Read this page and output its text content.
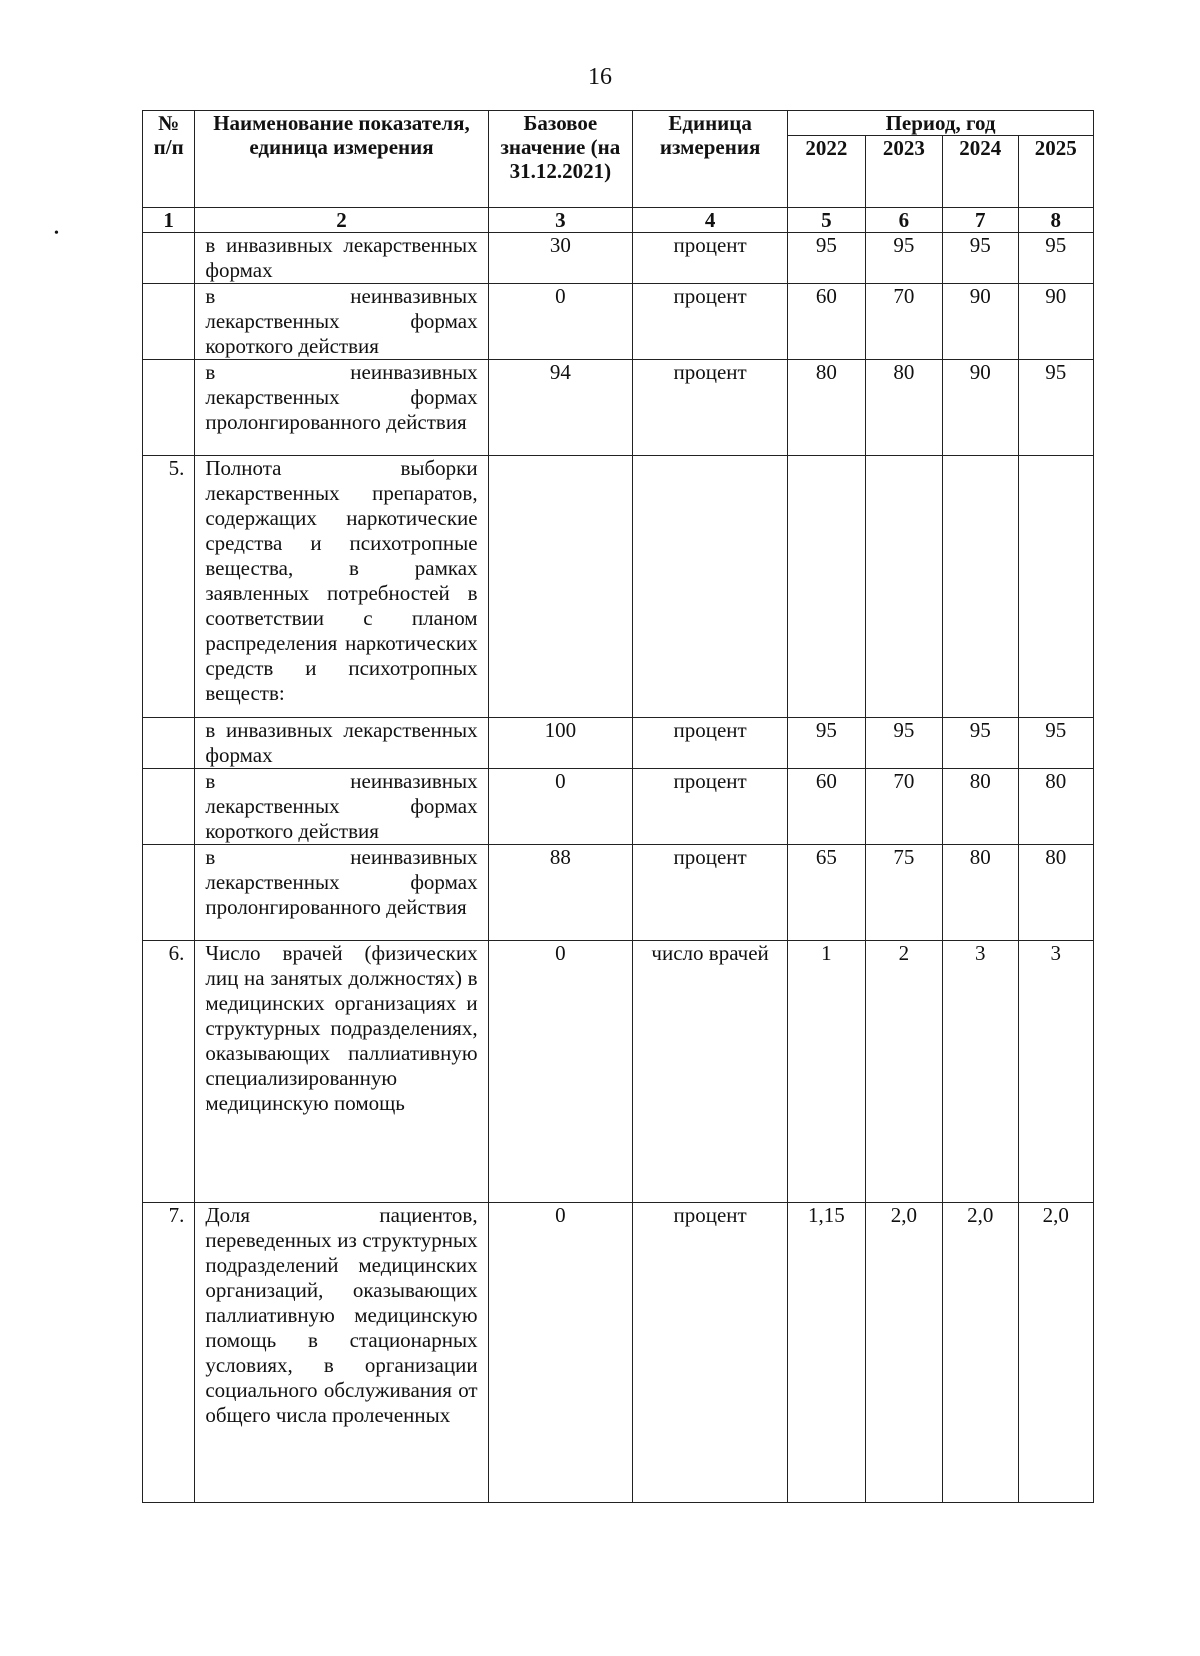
16
•
№ п/п	Наименование показателя, единица измерения	Базовое значение (на 31.12.2021)	Единица измерения	Период, год			
				2022	2023	2024	2025
1	2	3	4	5	6	7	8
	в инвазивных лекарственных формах	30	процент	95	95	95	95
	в неинвазивных лекарственных формах короткого действия	0	процент	60	70	90	90
	в неинвазивных лекарственных формах пролонгированного действия	94	процент	80	80	90	95
5.	Полнота выборки лекарственных препаратов, содержащих наркотические средства и психотропные вещества, в рамках заявленных потребностей в соответствии с планом распределения наркотических средств и психотропных веществ:						
	в инвазивных лекарственных формах	100	процент	95	95	95	95
	в неинвазивных лекарственных формах короткого действия	0	процент	60	70	80	80
	в неинвазивных лекарственных формах пролонгированного действия	88	процент	65	75	80	80
6.	Число врачей (физических лиц на занятых должностях) в медицинских организациях и структурных подразделениях, оказывающих паллиативную специализированную медицинскую помощь	0	число врачей	1	2	3	3
7.	Доля пациентов, переведенных из структурных подразделений медицинских организаций, оказывающих паллиативную медицинскую помощь в стационарных условиях, в организации социального обслуживания от общего числа пролеченных	0	процент	1,15	2,0	2,0	2,0
